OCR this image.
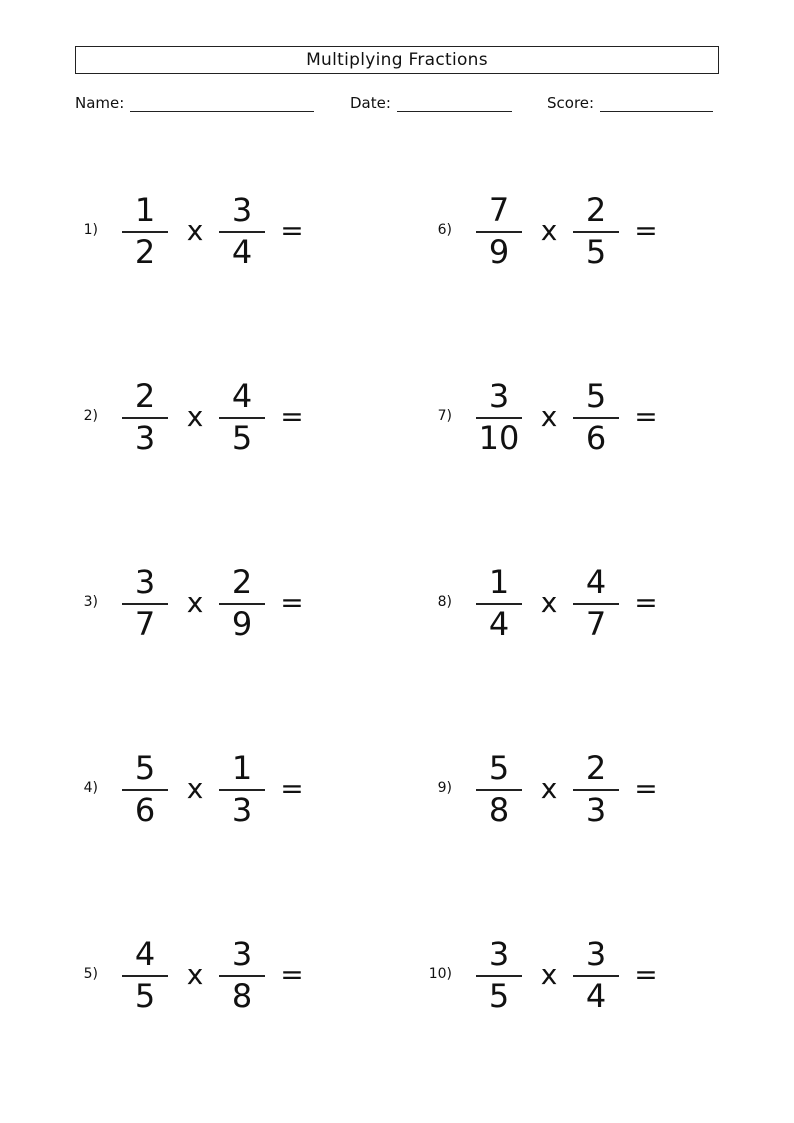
Multiplying Fractions
Name:	Date:	Score:
1)
1
2
x
3
4
=
2)
2
3
x
4
5
=
3)
3
7
x
2
9
=
4)
5
6
x
1
3
=
5)
4
5
x
3
8
=
6)
7
9
x
2
5
=
7)
3
10
x
5
6
=
8)
1
4
x
4
7
=
9)
5
8
x
2
3
=
10)
3
5
x
3
4
=
